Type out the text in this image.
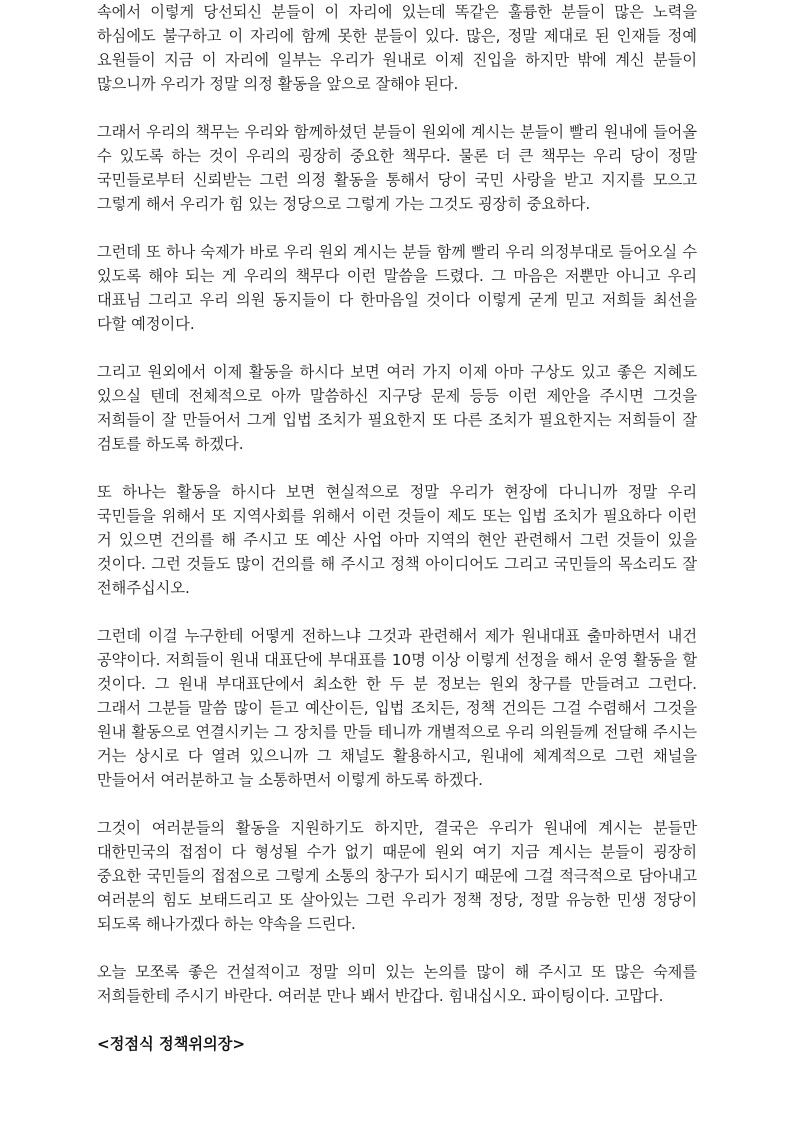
속에서 이렇게 당선되신 분들이 이 자리에 있는데 똑같은 훌륭한 분들이 많은 노력을 하심에도 불구하고 이 자리에 함께 못한 분들이 있다. 많은, 정말 제대로 된 인재들 정예 요원들이 지금 이 자리에 일부는 우리가 원내로 이제 진입을 하지만 밖에 계신 분들이 많으니까 우리가 정말 의정 활동을 앞으로 잘해야 된다.

그래서 우리의 책무는 우리와 함께하셨던 분들이 원외에 계시는 분들이 빨리 원내에 들어올 수 있도록 하는 것이 우리의 굉장히 중요한 책무다. 물론 더 큰 책무는 우리 당이 정말 국민들로부터 신뢰받는 그런 의정 활동을 통해서 당이 국민 사랑을 받고 지지를 모으고 그렇게 해서 우리가 힘 있는 정당으로 그렇게 가는 그것도 굉장히 중요하다.

그런데 또 하나 숙제가 바로 우리 원외 계시는 분들 함께 빨리 우리 의정부대로 들어오실 수 있도록 해야 되는 게 우리의 책무다 이런 말씀을 드렸다. 그 마음은 저뿐만 아니고 우리 대표님 그리고 우리 의원 동지들이 다 한마음일 것이다 이렇게 굳게 믿고 저희들 최선을 다할 예정이다.

그리고 원외에서 이제 활동을 하시다 보면 여러 가지 이제 아마 구상도 있고 좋은 지혜도 있으실 텐데 전체적으로 아까 말씀하신 지구당 문제 등등 이런 제안을 주시면 그것을 저희들이 잘 만들어서 그게 입법 조치가 필요한지 또 다른 조치가 필요한지는 저희들이 잘 검토를 하도록 하겠다.

또 하나는 활동을 하시다 보면 현실적으로 정말 우리가 현장에 다니니까 정말 우리 국민들을 위해서 또 지역사회를 위해서 이런 것들이 제도 또는 입법 조치가 필요하다 이런 거 있으면 건의를 해 주시고 또 예산 사업 아마 지역의 현안 관련해서 그런 것들이 있을 것이다. 그런 것들도 많이 건의를 해 주시고 정책 아이디어도 그리고 국민들의 목소리도 잘 전해주십시오.

그런데 이걸 누구한테 어떻게 전하느냐 그것과 관련해서 제가 원내대표 출마하면서 내건 공약이다. 저희들이 원내 대표단에 부대표를 10명 이상 이렇게 선정을 해서 운영 활동을 할 것이다. 그 원내 부대표단에서 최소한 한 두 분 정보는 원외 창구를 만들려고 그런다. 그래서 그분들 말씀 많이 듣고 예산이든, 입법 조치든, 정책 건의든 그걸 수렴해서 그것을 원내 활동으로 연결시키는 그 장치를 만들 테니까 개별적으로 우리 의원들께 전달해 주시는 거는 상시로 다 열려 있으니까 그 채널도 활용하시고, 원내에 체계적으로 그런 채널을 만들어서 여러분하고 늘 소통하면서 이렇게 하도록 하겠다.

그것이 여러분들의 활동을 지원하기도 하지만, 결국은 우리가 원내에 계시는 분들만 대한민국의 접점이 다 형성될 수가 없기 때문에 원외 여기 지금 계시는 분들이 굉장히 중요한 국민들의 접점으로 그렇게 소통의 창구가 되시기 때문에 그걸 적극적으로 담아내고 여러분의 힘도 보태드리고 또 살아있는 그런 우리가 정책 정당, 정말 유능한 민생 정당이 되도록 해나가겠다 하는 약속을 드린다.

오늘 모쪼록 좋은 건설적이고 정말 의미 있는 논의를 많이 해 주시고 또 많은 숙제를 저희들한테 주시기 바란다. 여러분 만나 봬서 반갑다. 힘내십시오. 파이팅이다. 고맙다.

<정점식 정책위의장>
